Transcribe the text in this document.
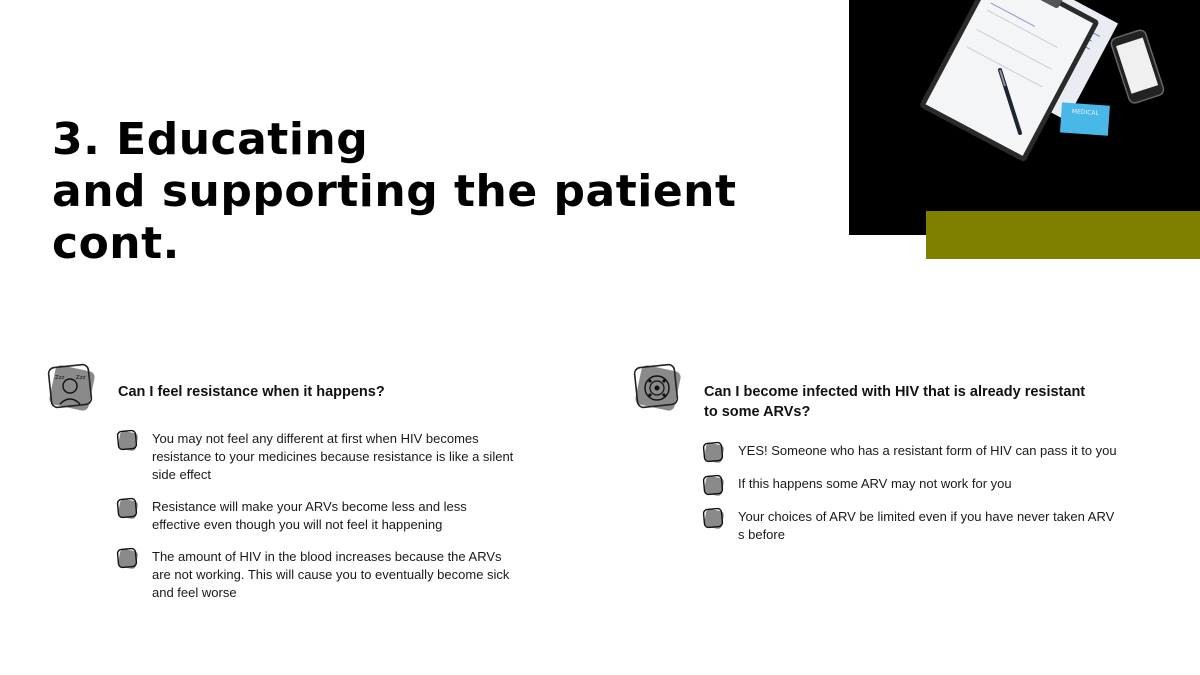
3. Educating
and supporting the patient
cont.
MEDICAL
Zzz Zzz
Can I feel resistance when it happens?
You may not feel any different at first when HIV becomes resistance to your medicines because resistance is like a silent side effect
Resistance will make your ARVs become less and less effective even though you will not feel it happening
The amount of HIV in the blood increases because the ARVs are not working. This will cause you to eventually become sick and feel worse
Can I become infected with HIV that is already resistant
to some ARVs?
YES! Someone who has a resistant form of HIV can pass it to you
If this happens some ARV may not work for you
Your choices of ARV be limited even if you have never taken ARV s before
